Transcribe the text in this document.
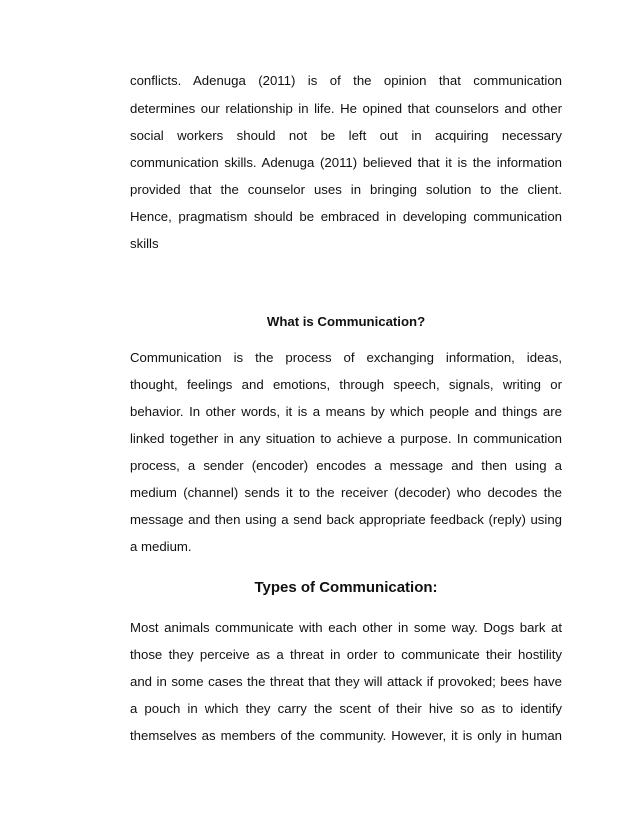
conflicts. Adenuga (2011) is of the opinion that communication
determines our relationship in life. He opined that counselors and other
social workers should not be left out in acquiring necessary
communication skills. Adenuga (2011) believed that it is the information
provided that the counselor uses in bringing solution to the client.
Hence, pragmatism should be embraced in developing communication
skills
What is Communication?
Communication is the process of exchanging information, ideas,
thought, feelings and emotions, through speech, signals, writing or
behavior. In other words, it is a means by which people and things are
linked together in any situation to achieve a purpose. In communication
process, a sender (encoder) encodes a message and then using a
medium (channel) sends it to the receiver (decoder) who decodes the
message and then using a send back appropriate feedback (reply) using
a medium.
Types of Communication:
Most animals communicate with each other in some way. Dogs bark at
those they perceive as a threat in order to communicate their hostility
and in some cases the threat that they will attack if provoked; bees have
a pouch in which they carry the scent of their hive so as to identify
themselves as members of the community. However, it is only in human
